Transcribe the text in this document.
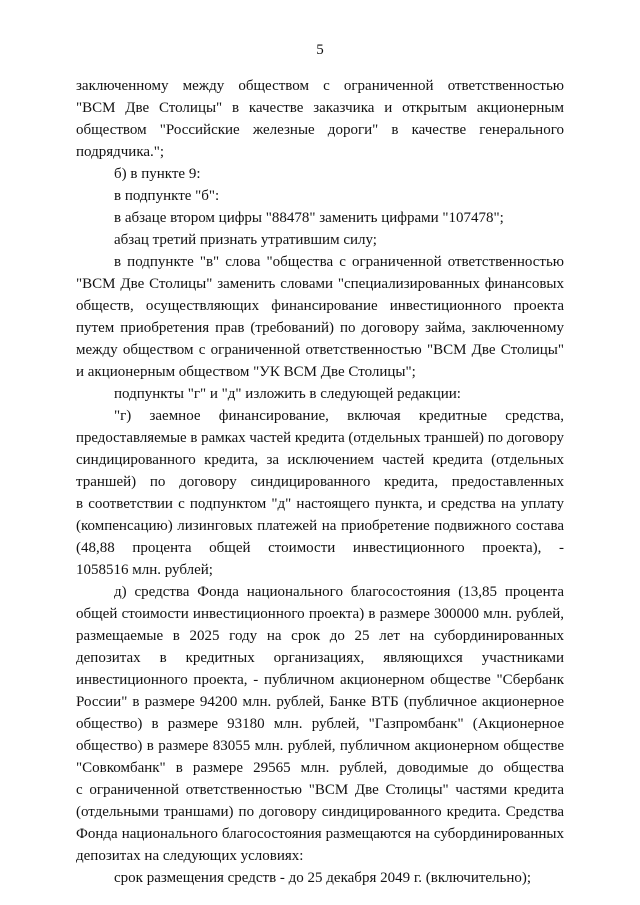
5
заключенному между обществом с ограниченной ответственностью
"ВСМ Две Столицы" в качестве заказчика и открытым акционерным
обществом "Российские железные дороги" в качестве генерального
подрядчика.";
б) в пункте 9:
в подпункте "б":
в абзаце втором цифры "88478" заменить цифрами "107478";
абзац третий признать утратившим силу;
в подпункте "в" слова "общества с ограниченной ответственностью
"ВСМ Две Столицы" заменить словами "специализированных финансовых
обществ, осуществляющих финансирование инвестиционного проекта
путем приобретения прав (требований) по договору займа, заключенному
между обществом с ограниченной ответственностью "ВСМ Две Столицы"
и акционерным обществом "УК ВСМ Две Столицы";
подпункты "г" и "д" изложить в следующей редакции:
"г) заемное финансирование, включая кредитные средства,
предоставляемые в рамках частей кредита (отдельных траншей) по договору
синдицированного кредита, за исключением частей кредита (отдельных
траншей) по договору синдицированного кредита, предоставленных
в соответствии с подпунктом "д" настоящего пункта, и средства на уплату
(компенсацию) лизинговых платежей на приобретение подвижного состава
(48,88 процента общей стоимости инвестиционного проекта), -
1058516 млн. рублей;
д) средства Фонда национального благосостояния (13,85 процента
общей стоимости инвестиционного проекта) в размере 300000 млн. рублей,
размещаемые в 2025 году на срок до 25 лет на субординированных
депозитах в кредитных организациях, являющихся участниками
инвестиционного проекта, - публичном акционерном обществе "Сбербанк
России" в размере 94200 млн. рублей, Банке ВТБ (публичное акционерное
общество) в размере 93180 млн. рублей, "Газпромбанк" (Акционерное
общество) в размере 83055 млн. рублей, публичном акционерном обществе
"Совкомбанк" в размере 29565 млн. рублей, доводимые до общества
с ограниченной ответственностью "ВСМ Две Столицы" частями кредита
(отдельными траншами) по договору синдицированного кредита. Средства
Фонда национального благосостояния размещаются на субординированных
депозитах на следующих условиях:
срок размещения средств - до 25 декабря 2049 г. (включительно);
